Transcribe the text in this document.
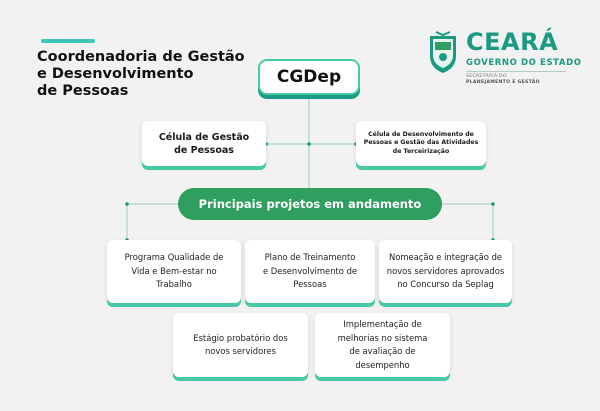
Coordenadoria de Gestão
e Desenvolvimento
de Pessoas
CEARÁ
GOVERNO DO ESTADO
SECRETARIA DO
PLANEJAMENTO E GESTÃO
CGDep
Célula de Gestão de Pessoas
Célula de Desenvolvimento de Pessoas e Gestão das Atividades de Terceirização
Principais projetos em andamento
Programa Qualidade de Vida e Bem-estar no Trabalho
Plano de Treinamento e Desenvolvimento de Pessoas
Nomeação e integração de novos servidores aprovados no Concurso da Seplag
Estágio probatório dos novos servidores
Implementação de melhorias no sistema de avaliação de desempenho
